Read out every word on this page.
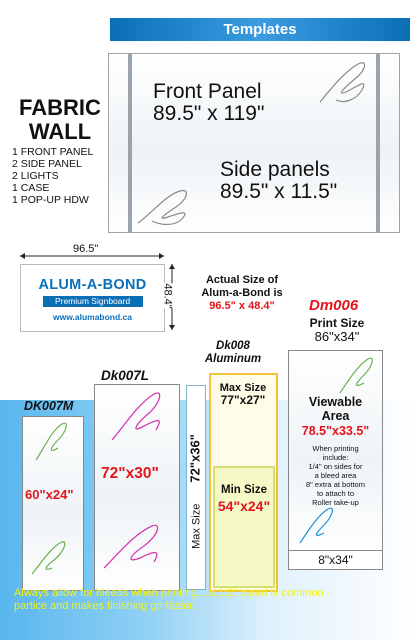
Templates
FABRIC
WALL
1 FRONT PANEL
2 SIDE PANEL
2 LIGHTS
1 CASE
1 POP-UP HDW
Front Panel
89.5" x 119"
Side panels
89.5" x 11.5"
ALUM-A-BOND
Premium Signboard
www.alumabond.ca
96.5"
48.4"
Actual Size of
Alum-a-Bond is
96.5" x 48.4"
DK007M
60"x24"
Dk007L
72"x30"
Dk008
Aluminum
Max Size 72"x36"
Max Size
77"x27"
Min Size
54"x24"
Dm006
Print Size
86"x34"
Viewable
Area
78.5"x33.5"
When printing
include:
1/4" on sides for
a bleed area
8" extra at bottom
to attach to
Roller take-up
8"x34"
Always allow for bleeds when printing... a 1/2" bleed is common
partice and makes finishing go faster..
